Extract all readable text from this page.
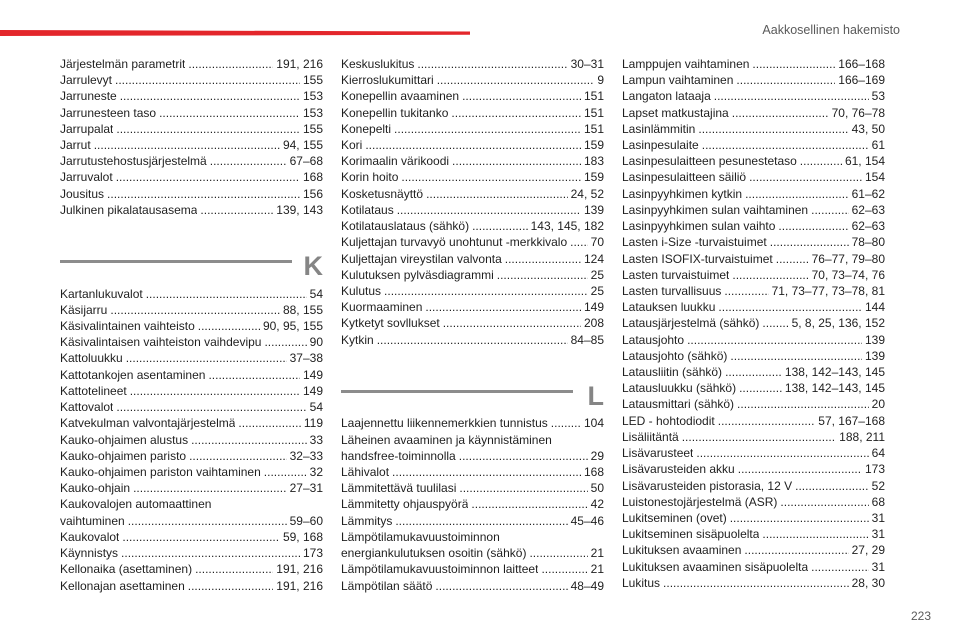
Aakkosellinen hakemisto
Järjestelmän parametrit .....	191, 216
Jarrulevyt .....	155
Jarruneste .....	153
Jarrunesteen taso .....	153
Jarrupalat .....	155
Jarrut .....	94, 155
Jarrutustehostusjärjestelmä .....	67–68
Jarruvalot .....	168
Jousitus .....	156
Julkinen pikalatausasema .....	139, 143
K
Kartanlukuvalot .....	54
Käsijarru .....	88, 155
Käsivalintainen vaihteisto .....	90, 95, 155
Käsivalintaisen vaihteiston vaihdevipu .....	90
Kattoluukku .....	37–38
Kattotankojen asentaminen .....	149
Kattotelineet .....	149
Kattovalot .....	54
Katvekulman valvontajärjestelmä .....	119
Kauko-ohjaimen alustus .....	33
Kauko-ohjaimen paristo .....	32–33
Kauko-ohjaimen pariston vaihtaminen .....	32
Kauko-ohjain .....	27–31
Kaukovalojen automaattinen
vaihtuminen .....	59–60
Kaukovalot .....	59, 168
Käynnistys .....	173
Kellonaika (asettaminen) .....	191, 216
Kellonajan asettaminen .....	191, 216
Keskuslukitus .....	30–31
Kierroslukumittari .....	9
Konepellin avaaminen .....	151
Konepellin tukitanko .....	151
Konepelti .....	151
Kori .....	159
Korimaalin värikoodi .....	183
Korin hoito .....	159
Kosketusnäyttö .....	24, 52
Kotilataus .....	139
Kotilatauslataus (sähkö) .....	143, 145, 182
Kuljettajan turvavyö unohtunut -merkkivalo ..... 70
Kuljettajan vireystilan valvonta .....	124
Kulutuksen pylväsdiagrammi .....	25
Kulutus .....	25
Kuormaaminen .....	149
Kytketyt sovllukset .....	208
Kytkin .....	84–85
L
Laajennettu liikennemerkkien tunnistus .....	104
Läheinen avaaminen ja käynnistäminen
handsfree-toiminnolla .....	29
Lähivalot .....	168
Lämmitettävä tuulilasi .....	50
Lämmitetty ohjauspyörä .....	42
Lämmitys .....	45–46
Lämpötilamukavuustoiminnon
energiankulutuksen osoitin (sähkö) .....	21
Lämpötilamukavuustoiminnon laitteet .....	21
Lämpötilan säätö .....	48–49
Lamppujen vaihtaminen .....	166–168
Lampun vaihtaminen .....	166–169
Langaton lataaja .....	53
Lapset matkustajina .....	70, 76–78
Lasinlämmitin .....	43, 50
Lasinpesulaite .....	61
Lasinpesulaitteen pesunestetaso .....	61, 154
Lasinpesulaitteen säiliö .....	154
Lasinpyyhkimen kytkin .....	61–62
Lasinpyyhkimen sulan vaihtaminen .....	62–63
Lasinpyyhkimen sulan vaihto .....	62–63
Lasten i-Size -turvaistuimet .....	78–80
Lasten ISOFIX-turvaistuimet .....	76–77, 79–80
Lasten turvaistuimet .....	70, 73–74, 76
Lasten turvallisuus .....	71, 73–77, 73–78, 81
Latauksen luukku .....	144
Latausjärjestelmä (sähkö) .....	5, 8, 25, 136, 152
Latausjohto .....	139
Latausjohto (sähkö) .....	139
Latausliitin (sähkö) .....	138, 142–143, 145
Latausluukku (sähkö) .....	138, 142–143, 145
Latausmittari (sähkö) .....	20
LED - hohtodiodit .....	57, 167–168
Lisäliitäntä .....	188, 211
Lisävarusteet .....	64
Lisävarusteiden akku .....	173
Lisävarusteiden pistorasia, 12 V .....	52
Luistonestojärjestelmä (ASR) .....	68
Lukitseminen (ovet) .....	31
Lukitseminen sisäpuolelta .....	31
Lukituksen avaaminen .....	27, 29
Lukituksen avaaminen sisäpuolelta .....	31
Lukitus .....	28, 30
223
